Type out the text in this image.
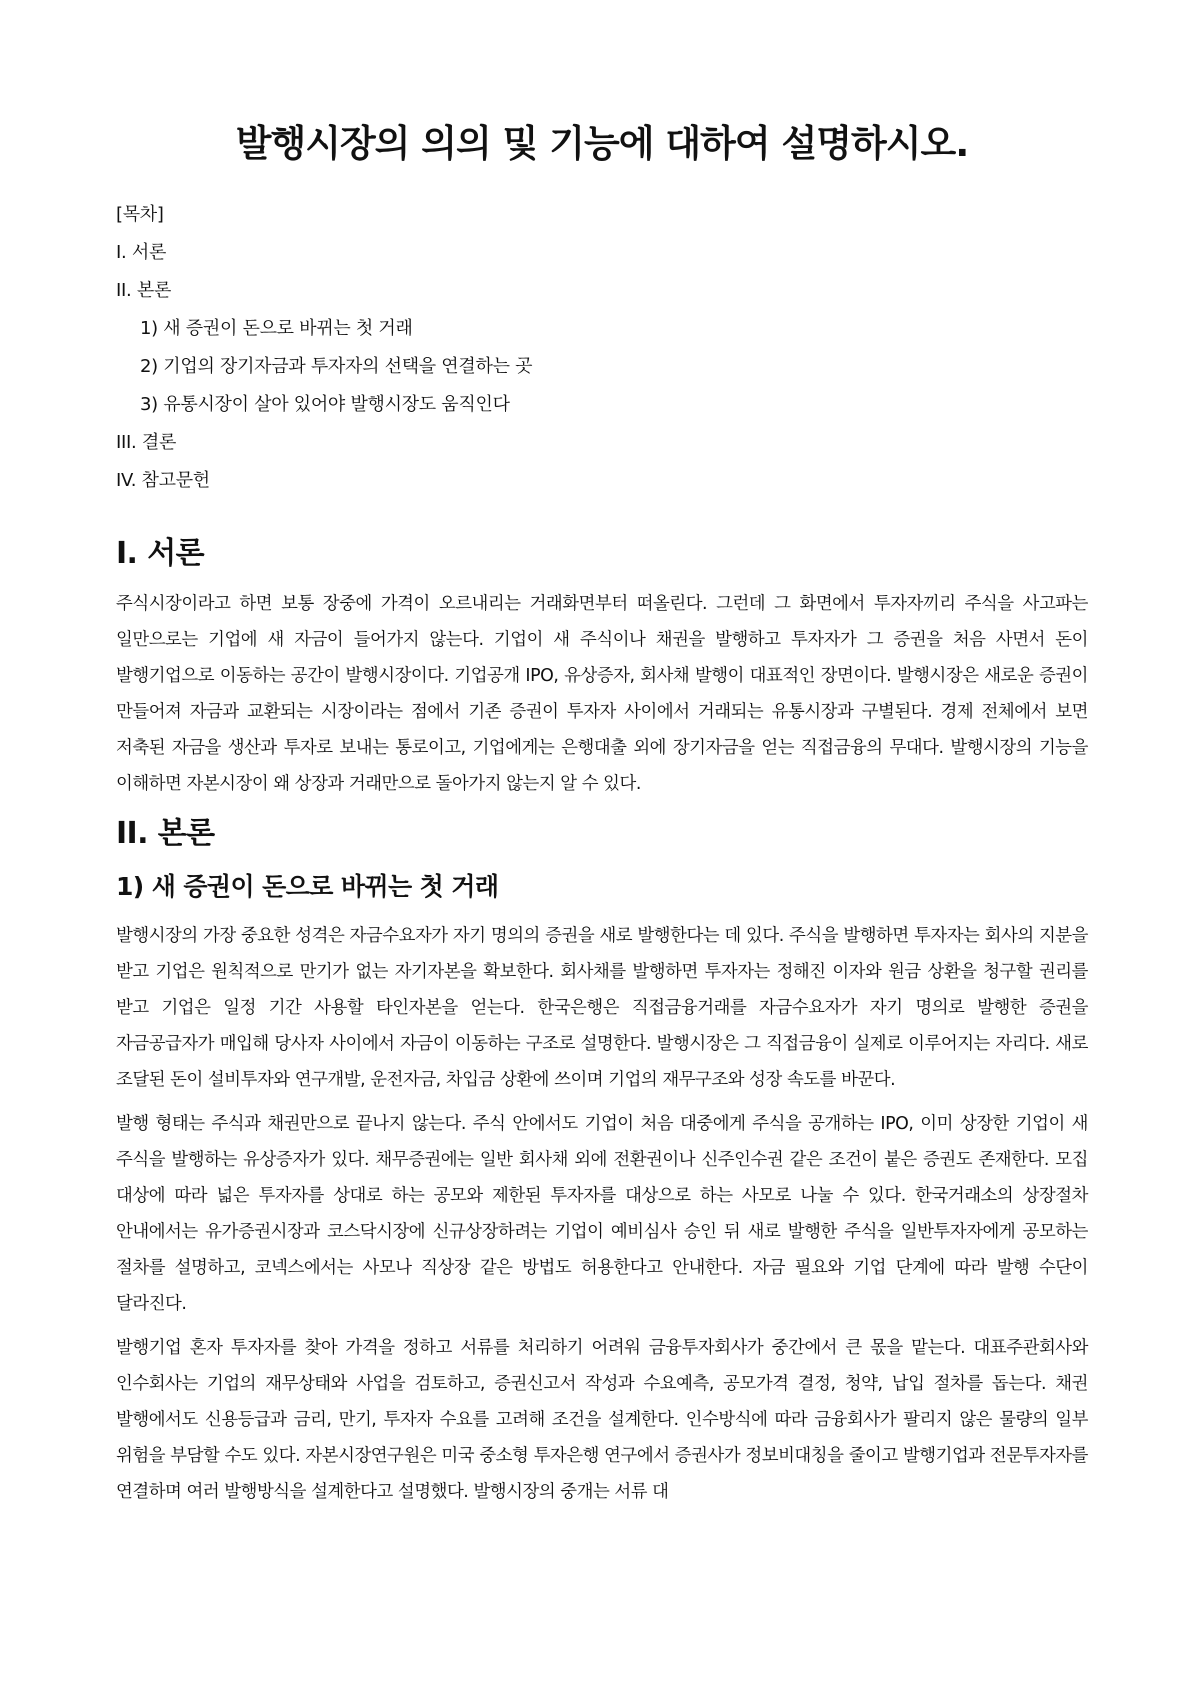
발행시장의 의의 및 기능에 대하여 설명하시오.
[목차]
I. 서론
II. 본론
1) 새 증권이 돈으로 바뀌는 첫 거래
2) 기업의 장기자금과 투자자의 선택을 연결하는 곳
3) 유통시장이 살아 있어야 발행시장도 움직인다
III. 결론
IV. 참고문헌
I. 서론

주식시장이라고 하면 보통 장중에 가격이 오르내리는 거래화면부터 떠올린다. 그런데 그 화면에서 투자자끼리 주식을 사고파는 일만으로는 기업에 새 자금이 들어가지 않는다. 기업이 새 주식이나 채권을 발행하고 투자자가 그 증권을 처음 사면서 돈이 발행기업으로 이동하는 공간이 발행시장이다. 기업공개 IPO, 유상증자, 회사채 발행이 대표적인 장면이다. 발행시장은 새로운 증권이 만들어져 자금과 교환되는 시장이라는 점에서 기존 증권이 투자자 사이에서 거래되는 유통시장과 구별된다. 경제 전체에서 보면 저축된 자금을 생산과 투자로 보내는 통로이고, 기업에게는 은행대출 외에 장기자금을 얻는 직접금융의 무대다. 발행시장의 기능을 이해하면 자본시장이 왜 상장과 거래만으로 돌아가지 않는지 알 수 있다.

II. 본론
1) 새 증권이 돈으로 바뀌는 첫 거래

발행시장의 가장 중요한 성격은 자금수요자가 자기 명의의 증권을 새로 발행한다는 데 있다. 주식을 발행하면 투자자는 회사의 지분을 받고 기업은 원칙적으로 만기가 없는 자기자본을 확보한다. 회사채를 발행하면 투자자는 정해진 이자와 원금 상환을 청구할 권리를 받고 기업은 일정 기간 사용할 타인자본을 얻는다. 한국은행은 직접금융거래를 자금수요자가 자기 명의로 발행한 증권을 자금공급자가 매입해 당사자 사이에서 자금이 이동하는 구조로 설명한다. 발행시장은 그 직접금융이 실제로 이루어지는 자리다. 새로 조달된 돈이 설비투자와 연구개발, 운전자금, 차입금 상환에 쓰이며 기업의 재무구조와 성장 속도를 바꾼다.

발행 형태는 주식과 채권만으로 끝나지 않는다. 주식 안에서도 기업이 처음 대중에게 주식을 공개하는 IPO, 이미 상장한 기업이 새 주식을 발행하는 유상증자가 있다. 채무증권에는 일반 회사채 외에 전환권이나 신주인수권 같은 조건이 붙은 증권도 존재한다. 모집 대상에 따라 넓은 투자자를 상대로 하는 공모와 제한된 투자자를 대상으로 하는 사모로 나눌 수 있다. 한국거래소의 상장절차 안내에서는 유가증권시장과 코스닥시장에 신규상장하려는 기업이 예비심사 승인 뒤 새로 발행한 주식을 일반투자자에게 공모하는 절차를 설명하고, 코넥스에서는 사모나 직상장 같은 방법도 허용한다고 안내한다. 자금 필요와 기업 단계에 따라 발행 수단이 달라진다.

발행기업 혼자 투자자를 찾아 가격을 정하고 서류를 처리하기 어려워 금융투자회사가 중간에서 큰 몫을 맡는다. 대표주관회사와 인수회사는 기업의 재무상태와 사업을 검토하고, 증권신고서 작성과 수요예측, 공모가격 결정, 청약, 납입 절차를 돕는다. 채권 발행에서도 신용등급과 금리, 만기, 투자자 수요를 고려해 조건을 설계한다. 인수방식에 따라 금융회사가 팔리지 않은 물량의 일부 위험을 부담할 수도 있다. 자본시장연구원은 미국 중소형 투자은행 연구에서 증권사가 정보비대칭을 줄이고 발행기업과 전문투자자를 연결하며 여러 발행방식을 설계한다고 설명했다. 발행시장의 중개는 서류 대
